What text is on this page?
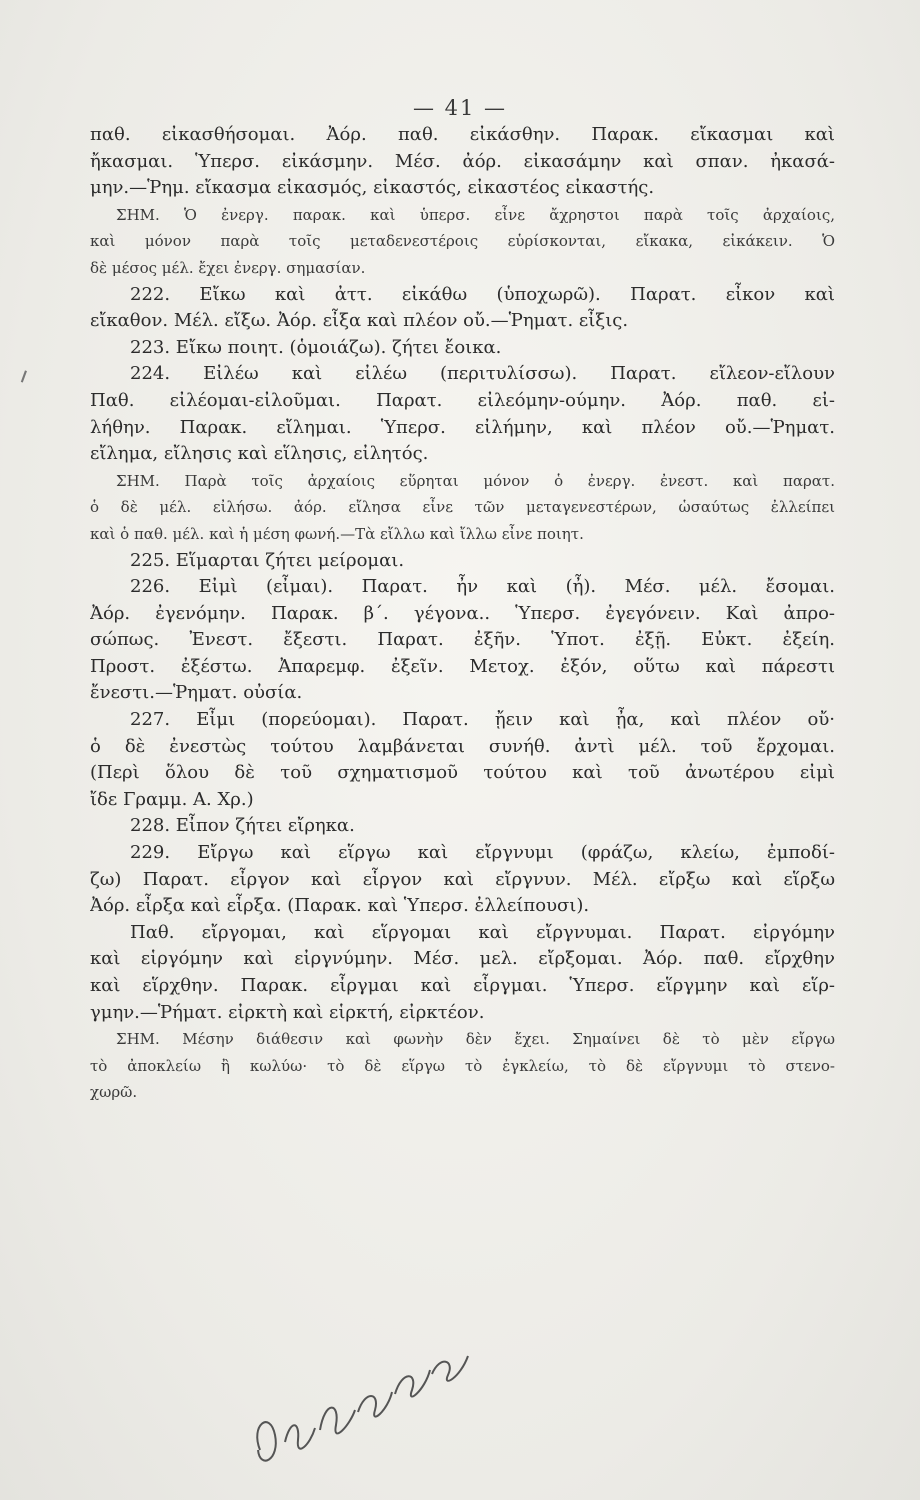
— 41 —
ᐟ
παθ. εἰκασθήσομαι. Ἀόρ. παθ. εἰκάσθην. Παρακ. εἴκασμαι καὶ
ἤκασμαι. Ὑπερσ. εἰκάσμην. Μέσ. ἀόρ. εἰκασάμην καὶ σπαν. ἠκασά-
μην.—Ῥημ. εἴκασμα εἰκασμός, εἰκαστός, εἰκαστέος εἰκαστής.
ΣΗΜ. Ὁ ἐνεργ. παρακ. καὶ ὑπερσ. εἶνε ἄχρηστοι παρὰ τοῖς ἀρχαίοις,
καὶ μόνον παρὰ τοῖς μεταδενεστέροις εὑρίσκονται, εἴκακα, εἰκάκειν. Ὁ
δὲ μέσος μέλ. ἔχει ἐνεργ. σημασίαν.
222. Εἴκω καὶ ἀττ. εἰκάθω (ὑποχωρῶ). Παρατ. εἶκον καὶ
εἴκαθον. Μέλ. εἴξω. Ἀόρ. εἶξα καὶ πλέον οὔ.—Ῥηματ. εἶξις.
223. Εἴκω ποιητ. (ὁμοιάζω). ζήτει ἔοικα.
224. Εἰλέω καὶ εἰλέω (περιτυλίσσω). Παρατ. εἴλεον-εἴλουν
Παθ. εἰλέομαι-εἰλοῦμαι. Παρατ. εἰλεόμην-ούμην. Ἀόρ. παθ. εἰ-
λήθην. Παρακ. εἴλημαι. Ὑπερσ. εἰλήμην, καὶ πλέον οὔ.—Ῥηματ.
εἴλημα, εἴλησις καὶ εἵλησις, εἰλητός.
ΣΗΜ. Παρὰ τοῖς ἀρχαίοις εὕρηται μόνον ὁ ἐνεργ. ἐνεστ. καὶ παρατ.
ὁ δὲ μέλ. εἰλήσω. ἀόρ. εἴλησα εἶνε τῶν μεταγενεστέρων, ὡσαύτως ἐλλείπει
καὶ ὁ παθ. μέλ. καὶ ἡ μέση φωνή.—Τὰ εἴλλω καὶ ἴλλω εἶνε ποιητ.
225. Εἵμαρται ζήτει μείρομαι.
226. Εἰμὶ (εἶμαι). Παρατ. ἦν καὶ (ἦ). Μέσ. μέλ. ἔσομαι.
Ἀόρ. ἐγενόμην. Παρακ. β΄. γέγονα.. Ὑπερσ. ἐγεγόνειν. Καὶ ἀπρο-
σώπως. Ἐνεστ. ἔξεστι. Παρατ. ἐξῆν. Ὑποτ. ἐξῇ. Εὐκτ. ἐξείη.
Προστ. ἐξέστω. Ἀπαρεμφ. ἐξεῖν. Μετοχ. ἐξόν, οὕτω καὶ πάρεστι
ἔνεστι.—Ῥηματ. οὐσία.
227. Εἶμι (πορεύομαι). Παρατ. ᾔειν καὶ ᾖα, καὶ πλέον οὔ·
ὁ δὲ ἐνεστὼς τούτου λαμβάνεται συνήθ. ἀντὶ μέλ. τοῦ ἔρχομαι.
(Περὶ ὅλου δὲ τοῦ σχηματισμοῦ τούτου καὶ τοῦ ἀνωτέρου εἰμὶ
ἴδε Γραμμ. Α. Χρ.)
228. Εἶπον ζήτει εἴρηκα.
229. Εἴργω καὶ εἵργω καὶ εἴργνυμι (φράζω, κλείω, ἐμποδί-
ζω) Παρατ. εἶργον καὶ εἷργον καὶ εἴργνυν. Μέλ. εἴρξω καὶ εἵρξω
Ἀόρ. εἶρξα καὶ εἷρξα. (Παρακ. καὶ Ὑπερσ. ἐλλείπουσι).
Παθ. εἴργομαι, καὶ εἵργομαι καὶ εἴργνυμαι. Παρατ. εἰργόμην
καὶ εἱργόμην καὶ εἰργνύμην. Μέσ. μελ. εἴρξομαι. Ἀόρ. παθ. εἴρχθην
καὶ εἵρχθην. Παρακ. εἶργμαι καὶ εἷργμαι. Ὑπερσ. εἵργμην καὶ εἵρ-
γμην.—Ῥήματ. εἰρκτὴ καὶ εἱρκτή, εἰρκτέον.
ΣΗΜ. Μέσην διάθεσιν καὶ φωνὴν δὲν ἔχει. Σημαίνει δὲ τὸ μὲν εἴργω
τὸ ἀποκλείω ἢ κωλύω· τὸ δὲ εἵργω τὸ ἐγκλείω, τὸ δὲ εἴργνυμι τὸ στενο-
χωρῶ.
